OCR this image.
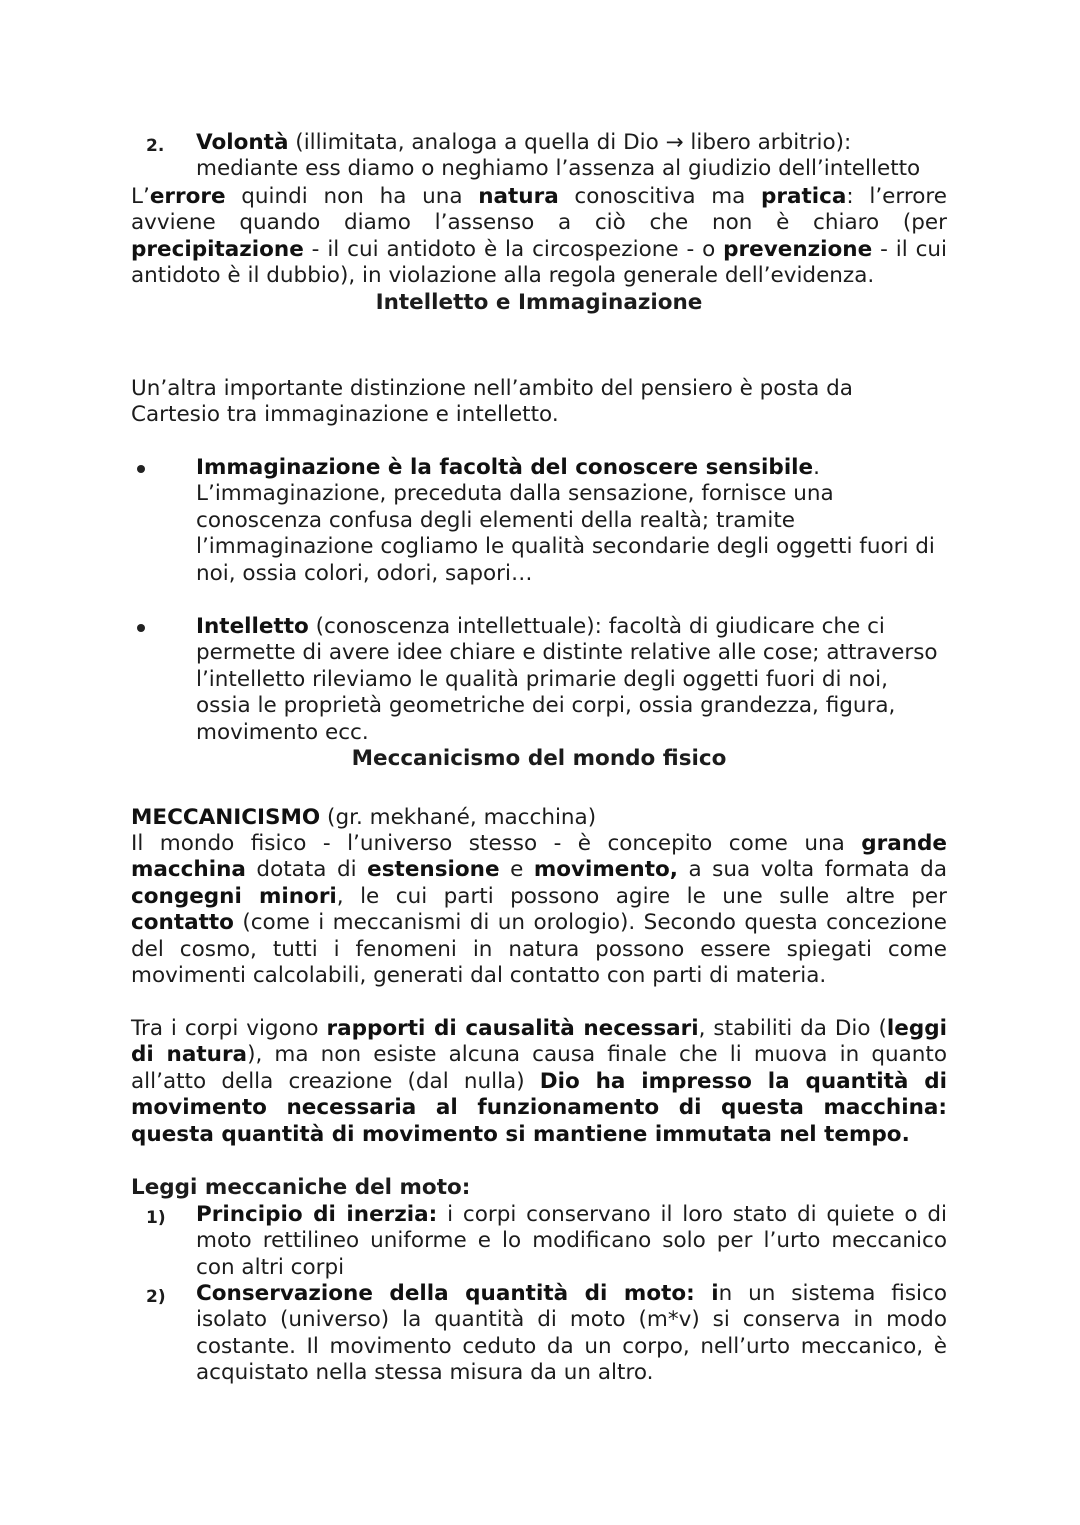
2. Volontà (illimitata, analoga a quella di Dio → libero arbitrio):
mediante ess diamo o neghiamo l’assenza al giudizio dell’intelletto
L’errore quindi non ha una natura conoscitiva ma pratica: l’errore avviene quando diamo l’assenso a ciò che non è chiaro (per precipitazione - il cui antidoto è la circospezione - o prevenzione - il cui antidoto è il dubbio), in violazione alla regola generale dell’evidenza.
Intelletto e Immaginazione
Un’altra importante distinzione nell’ambito del pensiero è posta da
Cartesio tra immaginazione e intelletto.
Immaginazione è la facoltà del conoscere sensibile.
L’immaginazione, preceduta dalla sensazione, fornisce una
conoscenza confusa degli elementi della realtà; tramite
l’immaginazione cogliamo le qualità secondarie degli oggetti fuori di
noi, ossia colori, odori, sapori…
Intelletto (conoscenza intellettuale): facoltà di giudicare che ci
permette di avere idee chiare e distinte relative alle cose; attraverso
l’intelletto rileviamo le qualità primarie degli oggetti fuori di noi,
ossia le proprietà geometriche dei corpi, ossia grandezza, figura,
movimento ecc.
Meccanicismo del mondo fisico
MECCANICISMO (gr. mekhané, macchina)
Il mondo fisico - l’universo stesso - è concepito come una grande macchina dotata di estensione e movimento, a sua volta formata da congegni minori, le cui parti possono agire le une sulle altre per contatto (come i meccanismi di un orologio). Secondo questa concezione del cosmo, tutti i fenomeni in natura possono essere spiegati come movimenti calcolabili, generati dal contatto con parti di materia.
Tra i corpi vigono rapporti di causalità necessari, stabiliti da Dio (leggi di natura), ma non esiste alcuna causa finale che li muova in quanto all’atto della creazione (dal nulla) Dio ha impresso la quantità di movimento necessaria al funzionamento di questa macchina: questa quantità di movimento si mantiene immutata nel tempo.
Leggi meccaniche del moto:
1) Principio di inerzia: i corpi conservano il loro stato di quiete o di moto rettilineo uniforme e lo modificano solo per l’urto meccanico con altri corpi
2) Conservazione della quantità di moto: in un sistema fisico isolato (universo) la quantità di moto (m*v) si conserva in modo costante. Il movimento ceduto da un corpo, nell’urto meccanico, è acquistato nella stessa misura da un altro.
